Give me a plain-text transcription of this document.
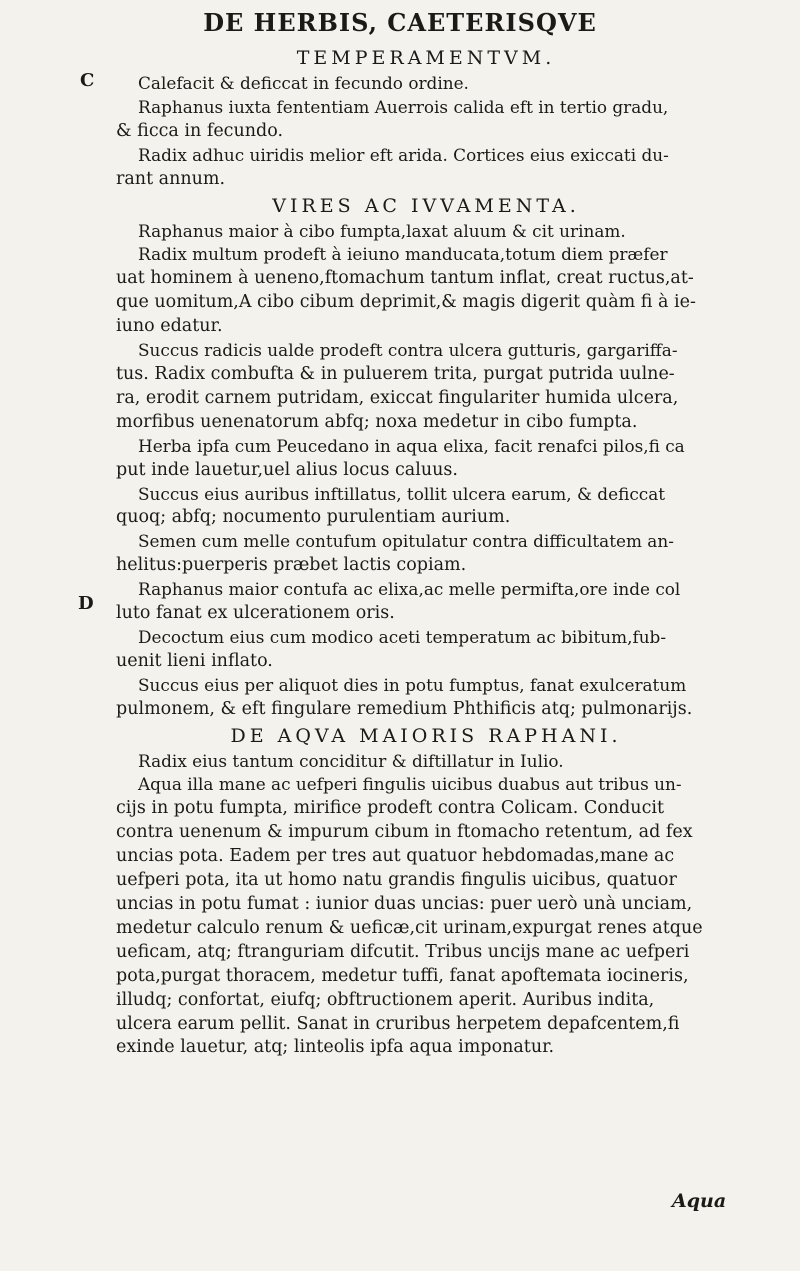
DE HERBIS, CAETERISQVE
C
D
TEMPERAMENTVM.
Calefacit & deficcat in fecundo ordine.
Raphanus iuxta fententiam Auerrois calida eft in tertio gradu,
& ficca in fecundo.
Radix adhuc uiridis melior eft arida. Cortices eius exiccati du-
rant annum.
VIRES AC IVVAMENTA.
Raphanus maior à cibo fumpta,laxat aluum & cit urinam.
Radix multum prodeft à ieiuno manducata,totum diem præfer
uat hominem à ueneno,ftomachum tantum inflat, creat ructus,at-
que uomitum,A cibo cibum deprimit,& magis digerit quàm fi à ie-
iuno edatur.
Succus radicis ualde prodeft contra ulcera gutturis, gargariffa-
tus. Radix combufta & in puluerem trita, purgat putrida uulne-
ra, erodit carnem putridam, exiccat fingulariter humida ulcera,
morfibus uenenatorum abfq; noxa medetur in cibo fumpta.
Herba ipfa cum Peucedano in aqua elixa, facit renafci pilos,fi ca
put inde lauetur,uel alius locus caluus.
Succus eius auribus inftillatus, tollit ulcera earum, & deficcat
quoq; abfq; nocumento purulentiam aurium.
Semen cum melle contufum opitulatur contra difficultatem an-
helitus:puerperis præbet lactis copiam.
Raphanus maior contufa ac elixa,ac melle permifta,ore inde col
luto fanat ex ulcerationem oris.
Decoctum eius cum modico aceti temperatum ac bibitum,fub-
uenit lieni inflato.
Succus eius per aliquot dies in potu fumptus, fanat exulceratum
pulmonem, & eft fingulare remedium Phthificis atq; pulmonarijs.
DE AQVA MAIORIS RAPHANI.
Radix eius tantum conciditur & diftillatur in Iulio.
Aqua illa mane ac uefperi fingulis uicibus duabus aut tribus un-
cijs in potu fumpta, mirifice prodeft contra Colicam. Conducit
contra uenenum & impurum cibum in ftomacho retentum, ad fex
uncias pota. Eadem per tres aut quatuor hebdomadas,mane ac
uefperi pota, ita ut homo natu grandis fingulis uicibus, quatuor
uncias in potu fumat : iunior duas uncias: puer uerò unà unciam,
medetur calculo renum & ueficæ,cit urinam,expurgat renes atque
ueficam, atq; ftranguriam difcutit. Tribus uncijs mane ac uefperi
pota,purgat thoracem, medetur tuffi, fanat apoftemata iocineris,
illudq; confortat, eiufq; obftructionem aperit. Auribus indita,
ulcera earum pellit. Sanat in cruribus herpetem depafcentem,fi
exinde lauetur, atq; linteolis ipfa aqua imponatur.
Aqua
